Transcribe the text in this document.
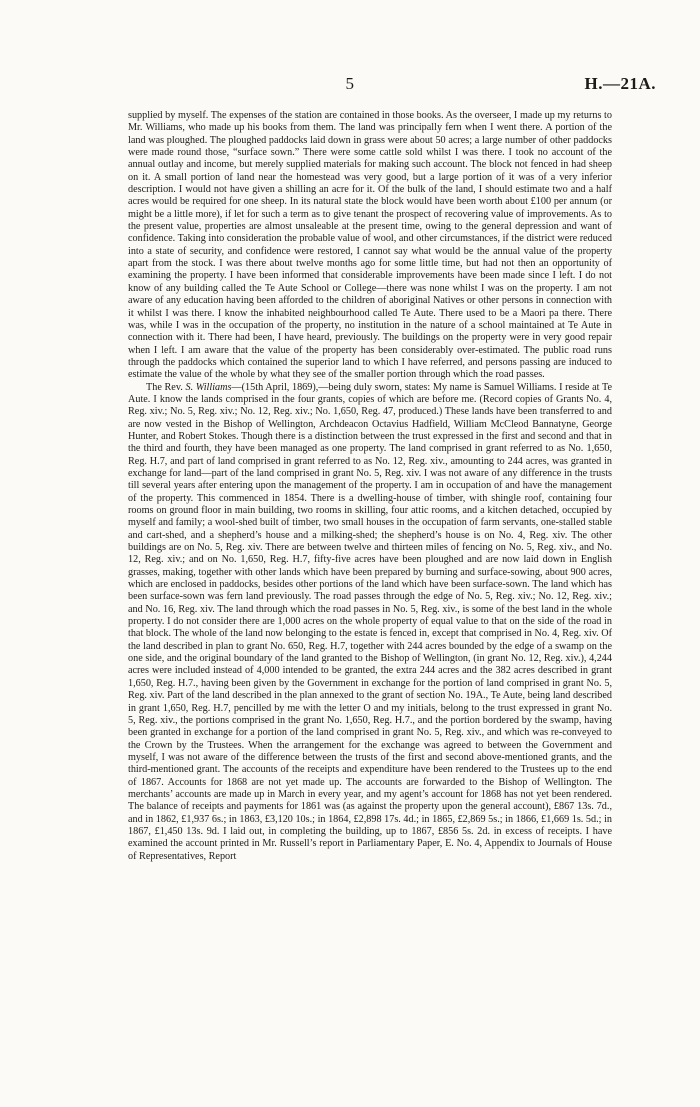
5	H.—21A.

supplied by myself. The expenses of the station are contained in those books. As the overseer, I made up my returns to Mr. Williams, who made up his books from them. The land was principally fern when I went there. A portion of the land was ploughed. The ploughed paddocks laid down in grass were about 50 acres; a large number of other paddocks were made round those, “surface sown.” There were some cattle sold whilst I was there. I took no account of the annual outlay and income, but merely supplied materials for making such account. The block not fenced in had sheep on it. A small portion of land near the homestead was very good, but a large portion of it was of a very inferior description. I would not have given a shilling an acre for it. Of the bulk of the land, I should estimate two and a half acres would be required for one sheep. In its natural state the block would have been worth about £100 per annum (or might be a little more), if let for such a term as to give tenant the prospect of recovering value of improvements. As to the present value, properties are almost unsaleable at the present time, owing to the general depression and want of confidence. Taking into consideration the probable value of wool, and other circumstances, if the district were reduced into a state of security, and confidence were restored, I cannot say what would be the annual value of the property apart from the stock. I was there about twelve months ago for some little time, but had not then an opportunity of examining the property. I have been informed that considerable improvements have been made since I left. I do not know of any building called the Te Aute School or College—there was none whilst I was on the property. I am not aware of any education having been afforded to the children of aboriginal Natives or other persons in connection with it whilst I was there. I know the inhabited neighbourhood called Te Aute. There used to be a Maori pa there. There was, while I was in the occupation of the property, no institution in the nature of a school maintained at Te Aute in connection with it. There had been, I have heard, previously. The buildings on the property were in very good repair when I left. I am aware that the value of the property has been considerably over-estimated. The public road runs through the paddocks which contained the superior land to which I have referred, and persons passing are induced to estimate the value of the whole by what they see of the smaller portion through which the road passes.

The Rev. S. Williams—(15th April, 1869),—being duly sworn, states: My name is Samuel Williams. I reside at Te Aute. I know the lands comprised in the four grants, copies of which are before me. (Record copies of Grants No. 4, Reg. xiv.; No. 5, Reg. xiv.; No. 12, Reg. xiv.; No. 1,650, Reg. 47, produced.) These lands have been transferred to and are now vested in the Bishop of Wellington, Archdeacon Octavius Hadfield, William McCleod Bannatyne, George Hunter, and Robert Stokes. Though there is a distinction between the trust expressed in the first and second and that in the third and fourth, they have been managed as one property. The land comprised in grant referred to as No. 1,650, Reg. H.7, and part of land comprised in grant referred to as No. 12, Reg. xiv., amounting to 244 acres, was granted in exchange for land—part of the land comprised in grant No. 5, Reg. xiv. I was not aware of any difference in the trusts till several years after entering upon the management of the property. I am in occupation of and have the management of the property. This commenced in 1854. There is a dwelling-house of timber, with shingle roof, containing four rooms on ground floor in main building, two rooms in skilling, four attic rooms, and a kitchen detached, occupied by myself and family; a wool-shed built of timber, two small houses in the occupation of farm servants, one-stalled stable and cart-shed, and a shepherd’s house and a milking-shed; the shepherd’s house is on No. 4, Reg. xiv. The other buildings are on No. 5, Reg. xiv. There are between twelve and thirteen miles of fencing on No. 5, Reg. xiv., and No. 12, Reg. xiv.; and on No. 1,650, Reg. H.7, fifty-five acres have been ploughed and are now laid down in English grasses, making, together with other lands which have been prepared by burning and surface-sowing, about 900 acres, which are enclosed in paddocks, besides other portions of the land which have been surface-sown. The land which has been surface-sown was fern land previously. The road passes through the edge of No. 5, Reg. xiv.; No. 12, Reg. xiv.; and No. 16, Reg. xiv. The land through which the road passes in No. 5, Reg. xiv., is some of the best land in the whole property. I do not consider there are 1,000 acres on the whole property of equal value to that on the side of the road in that block. The whole of the land now belonging to the estate is fenced in, except that comprised in No. 4, Reg. xiv. Of the land described in plan to grant No. 650, Reg. H.7, together with 244 acres bounded by the edge of a swamp on the one side, and the original boundary of the land granted to the Bishop of Wellington, (in grant No. 12, Reg. xiv.), 4,244 acres were included instead of 4,000 intended to be granted, the extra 244 acres and the 382 acres described in grant 1,650, Reg. H.7., having been given by the Government in exchange for the portion of land comprised in grant No. 5, Reg. xiv. Part of the land described in the plan annexed to the grant of section No. 19A., Te Aute, being land described in grant 1,650, Reg. H.7, pencilled by me with the letter O and my initials, belong to the trust expressed in grant No. 5, Reg. xiv., the portions comprised in the grant No. 1,650, Reg. H.7., and the portion bordered by the swamp, having been granted in exchange for a portion of the land comprised in grant No. 5, Reg. xiv., and which was re-conveyed to the Crown by the Trustees. When the arrangement for the exchange was agreed to between the Government and myself, I was not aware of the difference between the trusts of the first and second above-mentioned grants, and the third-mentioned grant. The accounts of the receipts and expenditure have been rendered to the Trustees up to the end of 1867. Accounts for 1868 are not yet made up. The accounts are forwarded to the Bishop of Wellington. The merchants’ accounts are made up in March in every year, and my agent’s account for 1868 has not yet been rendered. The balance of receipts and payments for 1861 was (as against the property upon the general account), £867 13s. 7d., and in 1862, £1,937 6s.; in 1863, £3,120 10s.; in 1864, £2,898 17s. 4d.; in 1865, £2,869 5s.; in 1866, £1,669 1s. 5d.; in 1867, £1,450 13s. 9d. I laid out, in completing the building, up to 1867, £856 5s. 2d. in excess of receipts. I have examined the account printed in Mr. Russell’s report in Parliamentary Paper, E. No. 4, Appendix to Journals of House of Representatives, Report
